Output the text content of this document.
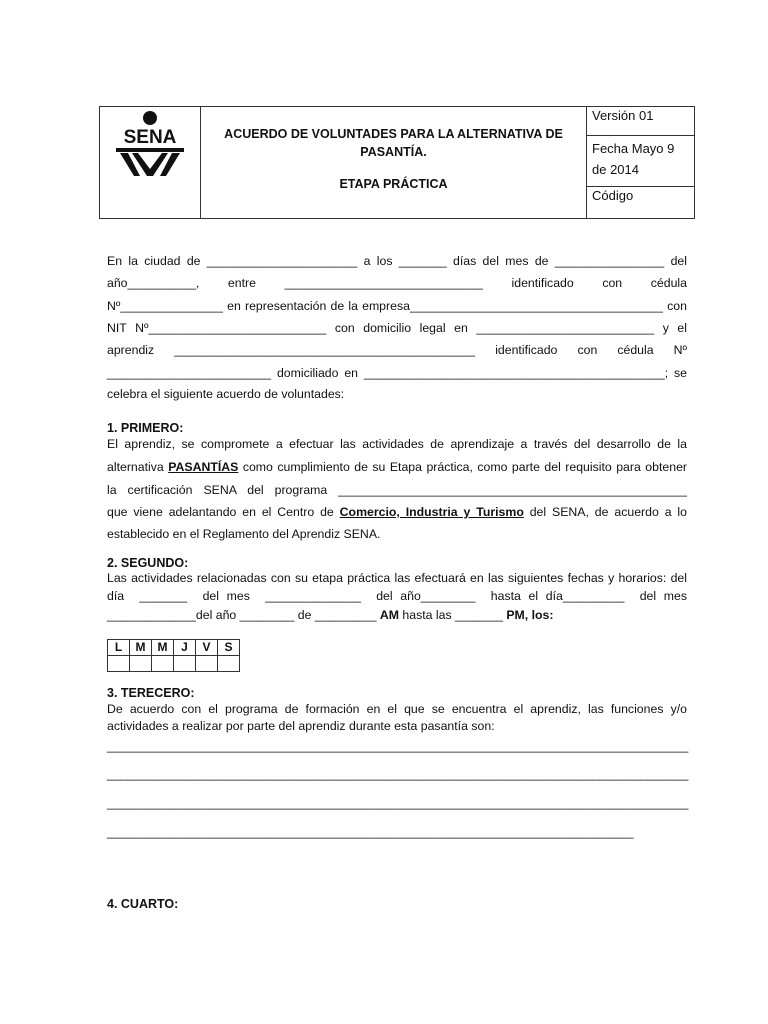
SENA	ACUERDO DE VOLUNTADES PARA LA ALTERNATIVA DE
PASANTÍA.
ETAPA PRÁCTICA
Versión 01
Fecha Mayo 9
de 2014
Código
En la ciudad de ______________________ a los _______ días del mes de ________________ del
año__________,      entre      _____________________________      identificado      con      cédula
Nº_______________ en representación de la empresa_____________________________________ con
NIT Nº__________________________ con domicilio legal en __________________________ y el
aprendiz   ____________________________________________   identificado   con   cédula   Nº
________________________ domiciliado en ____________________________________________; se
celebra el siguiente acuerdo de voluntades:
1. PRIMERO:
El aprendiz, se compromete a efectuar las actividades de aprendizaje a través del desarrollo de la
alternativa PASANTÍAS como cumplimiento de su Etapa práctica, como parte del requisito para obtener
la  certificación  SENA  del  programa  ___________________________________________________
que viene adelantando en el Centro de Comercio, Industria y Turismo del SENA, de acuerdo a lo
establecido en el Reglamento del Aprendiz SENA.
2. SEGUNDO:
Las actividades relacionadas con su etapa práctica las efectuará en las siguientes fechas y horarios: del
día  _______  del mes  ______________  del año________  hasta el día_________  del mes
_____________del año ________ de _________ AM hasta las _______ PM, los:
L	M	M	J	V	S

3. TERECERO:
De acuerdo con el programa de formación en el que se encuentra el aprendiz, las funciones y/o
actividades a realizar por parte del aprendiz durante esta pasantía son:
_____________________________________________________________________________________
_____________________________________________________________________________________
_____________________________________________________________________________________
_____________________________________________________________________________
4. CUARTO:
